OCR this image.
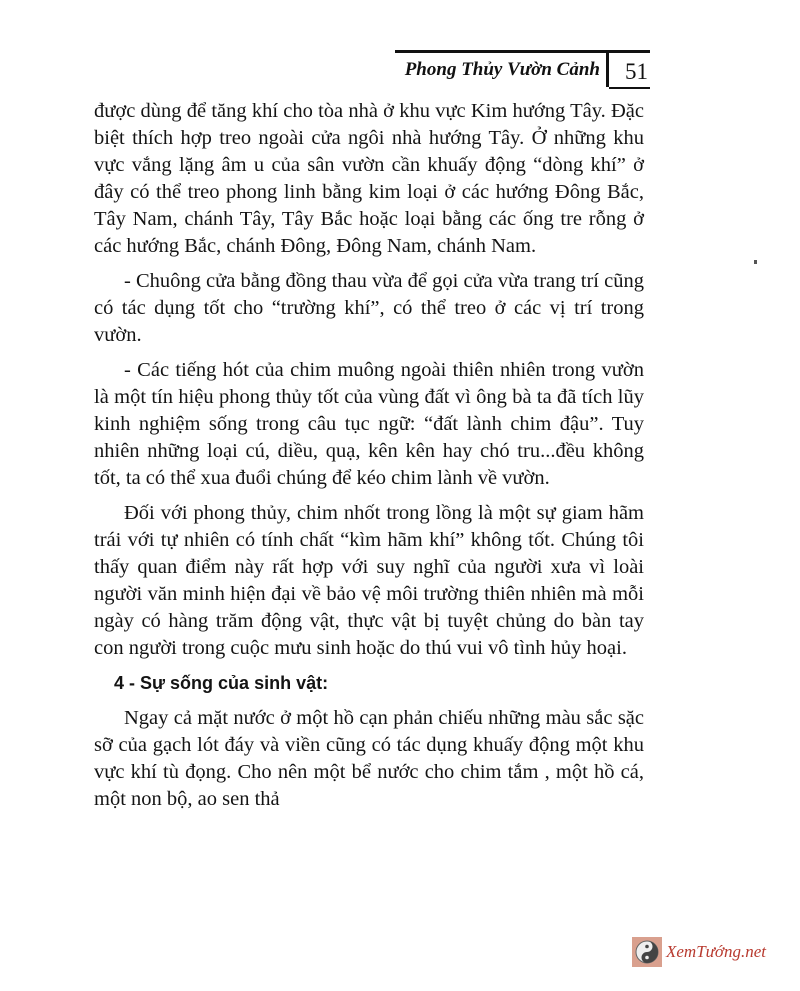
Phong Thủy Vườn Cảnh 51

được dùng để tăng khí cho tòa nhà ở khu vực Kim hướng Tây. Đặc biệt thích hợp treo ngoài cửa ngôi nhà hướng Tây. Ở những khu vực vắng lặng âm u của sân vườn cần khuấy động “dòng khí” ở đây có thể treo phong linh bằng kim loại ở các hướng Đông Bắc, Tây Nam, chánh Tây, Tây Bắc hoặc loại bằng các ống tre rỗng ở các hướng Bắc, chánh Đông, Đông Nam, chánh Nam.

- Chuông cửa bằng đồng thau vừa để gọi cửa vừa trang trí cũng có tác dụng tốt cho “trường khí”, có thể treo ở các vị trí trong vườn.

- Các tiếng hót của chim muông ngoài thiên nhiên trong vườn là một tín hiệu phong thủy tốt của vùng đất vì ông bà ta đã tích lũy kinh nghiệm sống trong câu tục ngữ: “đất lành chim đậu”. Tuy nhiên những loại cú, diều, quạ, kên kên hay chó tru...đều không tốt, ta có thể xua đuổi chúng để kéo chim lành về vườn.

Đối với phong thủy, chim nhốt trong lồng là một sự giam hãm trái với tự nhiên có tính chất “kìm hãm khí” không tốt. Chúng tôi thấy quan điểm này rất hợp với suy nghĩ của người xưa vì loài người văn minh hiện đại về bảo vệ môi trường thiên nhiên mà mỗi ngày có hàng trăm động vật, thực vật bị tuyệt chủng do bàn tay con người trong cuộc mưu sinh hoặc do thú vui vô tình hủy hoại.

4 - Sự sống của sinh vật:

Ngay cả mặt nước ở một hồ cạn phản chiếu những màu sắc sặc sỡ của gạch lót đáy và viền cũng có tác dụng khuấy động một khu vực khí tù đọng. Cho nên một bể nước cho chim tắm , một hồ cá, một non bộ, ao sen thả

XemTướng.net
